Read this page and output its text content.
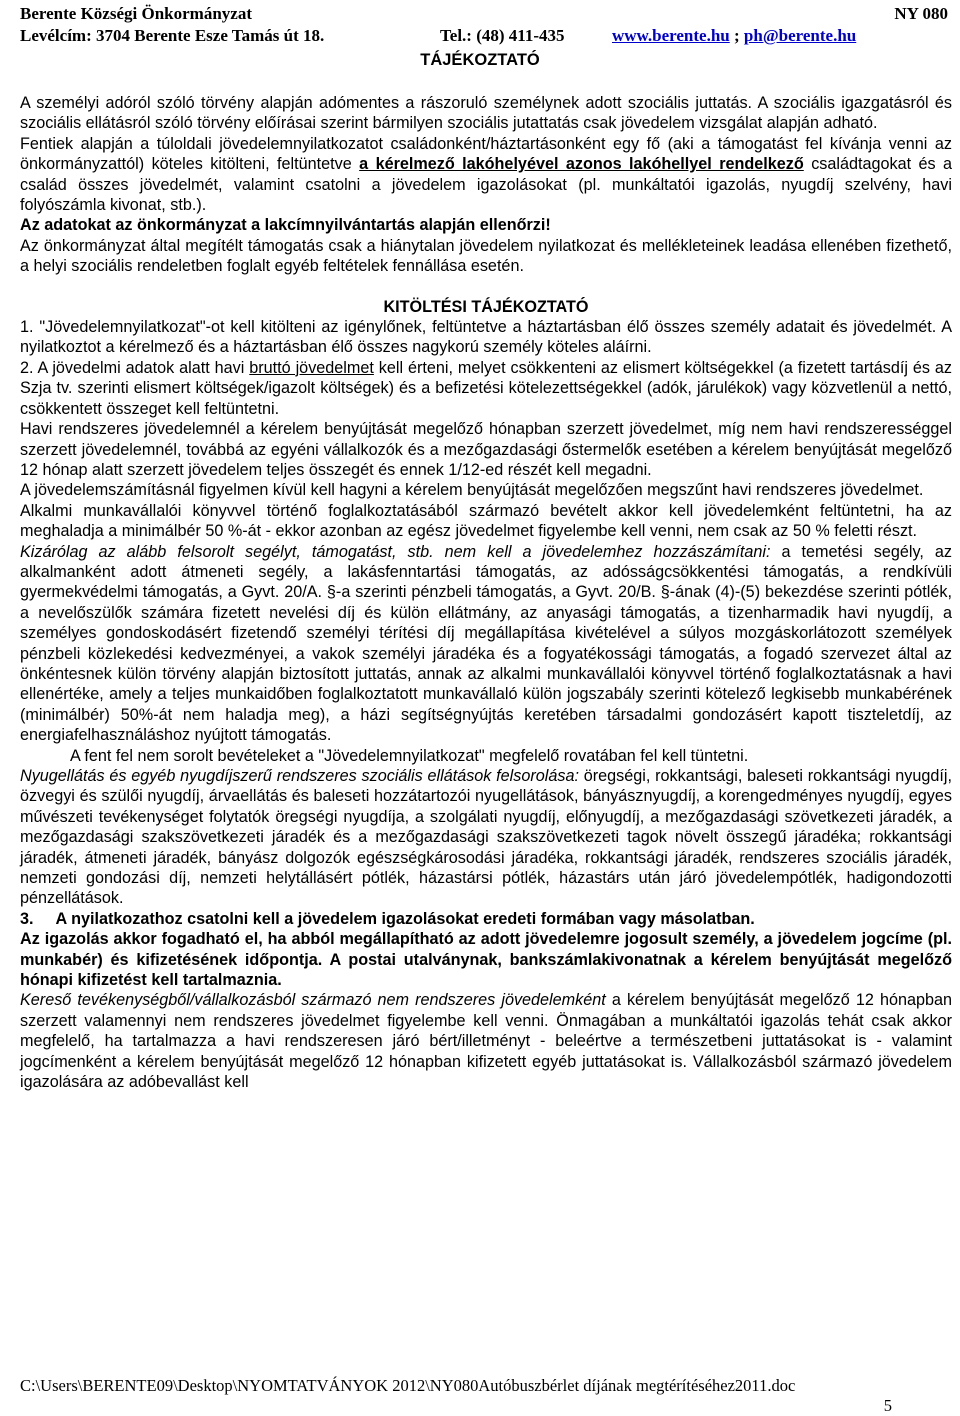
Berente Községi Önkormányzat	NY 080
Levélcím: 3704 Berente Esze Tamás út 18.	Tel.: (48) 411-435	www.berente.hu ; ph@berente.hu
TÁJÉKOZTATÓ

A személyi adóról szóló törvény alapján adómentes a rászoruló személynek adott szociális juttatás. A szociális igazgatásról és szociális ellátásról szóló törvény előírásai szerint bármilyen szociális jutattatás csak jövedelem vizsgálat alapján adható.

Fentiek alapján a túloldali jövedelemnyilatkozatot családonként/háztartásonként egy fő (aki a támogatást fel kívánja venni az önkormányzattól) köteles kitölteni, feltüntetve a kérelmező lakóhelyével azonos lakóhellyel rendelkező családtagokat és a család összes jövedelmét, valamint csatolni a jövedelem igazolásokat (pl. munkáltatói igazolás, nyugdíj szelvény, havi folyószámla kivonat, stb.).

Az adatokat az önkormányzat a lakcímnyilvántartás alapján ellenőrzi!

Az önkormányzat által megítélt támogatás csak a hiánytalan jövedelem nyilatkozat és mellékleteinek leadása ellenében fizethető, a helyi szociális rendeletben foglalt egyéb feltételek fennállása esetén.

KITÖLTÉSI TÁJÉKOZTATÓ

1. "Jövedelemnyilatkozat"-ot kell kitölteni az igénylőnek, feltüntetve a háztartásban élő összes személy adatait és jövedelmét. A nyilatkoztot a kérelmező és a háztartásban élő összes nagykorú személy köteles aláírni.

2. A jövedelmi adatok alatt havi bruttó jövedelmet kell érteni, melyet csökkenteni az elismert költségekkel (a fizetett tartásdíj és az Szja tv. szerinti elismert költségek/igazolt költségek) és a befizetési kötelezettségekkel (adók, járulékok) vagy közvetlenül a nettó, csökkentett összeget kell feltüntetni.

Havi rendszeres jövedelemnél a kérelem benyújtását megelőző hónapban szerzett jövedelmet, míg nem havi rendszerességgel szerzett jövedelemnél, továbbá az egyéni vállalkozók és a mezőgazdasági őstermelők esetében a kérelem benyújtását megelőző 12 hónap alatt szerzett jövedelem teljes összegét és ennek 1/12-ed részét kell megadni.

A jövedelemszámításnál figyelmen kívül kell hagyni a kérelem benyújtását megelőzően megszűnt havi rendszeres jövedelmet.

Alkalmi munkavállalói könyvvel történő foglalkoztatásából származó bevételt akkor kell jövedelemként feltüntetni, ha az meghaladja a minimálbér 50 %-át - ekkor azonban az egész jövedelmet figyelembe kell venni, nem csak az 50 % feletti részt.

Kizárólag az alább felsorolt segélyt, támogatást, stb. nem kell a jövedelemhez hozzászámítani: a temetési segély, az alkalmanként adott átmeneti segély, a lakásfenntartási támogatás, az adósságcsökkentési támogatás, a rendkívüli gyermekvédelmi támogatás, a Gyvt. 20/A. §-a szerinti pénzbeli támogatás, a Gyvt. 20/B. §-ának (4)-(5) bekezdése szerinti pótlék, a nevelőszülők számára fizetett nevelési díj és külön ellátmány, az anyasági támogatás, a tizenharmadik havi nyugdíj, a személyes gondoskodásért fizetendő személyi térítési díj megállapítása kivételével a súlyos mozgáskorlátozott személyek pénzbeli közlekedési kedvezményei, a vakok személyi járadéka és a fogyatékossági támogatás, a fogadó szervezet által az önkéntesnek külön törvény alapján biztosított juttatás, annak az alkalmi munkavállalói könyvvel történő foglalkoztatásnak a havi ellenértéke, amely a teljes munkaidőben foglalkoztatott munkavállaló külön jogszabály szerinti kötelező legkisebb munkabérének (minimálbér) 50%-át nem haladja meg), a házi segítségnyújtás keretében társadalmi gondozásért kapott tiszteletdíj, az energiafelhasználáshoz nyújtott támogatás.

A fent fel nem sorolt bevételeket a "Jövedelemnyilatkozat" megfelelő rovatában fel kell tüntetni.

Nyugellátás és egyéb nyugdíjszerű rendszeres szociális ellátások felsorolása: öregségi, rokkantsági, baleseti rokkantsági nyugdíj, özvegyi és szülői nyugdíj, árvaellátás és baleseti hozzátartozói nyugellátások, bányásznyugdíj, a korengedményes nyugdíj, egyes művészeti tevékenységet folytatók öregségi nyugdíja, a szolgálati nyugdíj, előnyugdíj, a mezőgazdasági szövetkezeti járadék, a mezőgazdasági szakszövetkezeti járadék és a mezőgazdasági szakszövetkezeti tagok növelt összegű járadéka; rokkantsági járadék, átmeneti járadék, bányász dolgozók egészségkárosodási járadéka, rokkantsági járadék, rendszeres szociális járadék, nemzeti gondozási díj, nemzeti helytállásért pótlék, házastársi pótlék, házastárs után járó jövedelempótlék, hadigondozotti pénzellátások.

3. A nyilatkozathoz csatolni kell a jövedelem igazolásokat eredeti formában vagy másolatban.

Az igazolás akkor fogadható el, ha abból megállapítható az adott jövedelemre jogosult személy, a jövedelem jogcíme (pl. munkabér) és kifizetésének időpontja. A postai utalványnak, bankszámlakivonatnak a kérelem benyújtását megelőző hónapi kifizetést kell tartalmaznia.

Kereső tevékenységből/vállalkozásból származó nem rendszeres jövedelemként a kérelem benyújtását megelőző 12 hónapban szerzett valamennyi nem rendszeres jövedelmet figyelembe kell venni. Önmagában a munkáltatói igazolás tehát csak akkor megfelelő, ha tartalmazza a havi rendszeresen járó bért/illetményt - beleértve a természetbeni juttatásokat is - valamint jogcímenként a kérelem benyújtását megelőző 12 hónapban kifizetett egyéb juttatásokat is. Vállalkozásból származó jövedelem igazolására az adóbevallást kell

C:\Users\BERENTE09\Desktop\NYOMTATVÁNYOK 2012\NY080Autóbuszbérlet díjának megtérítéséhez2011.doc
5
